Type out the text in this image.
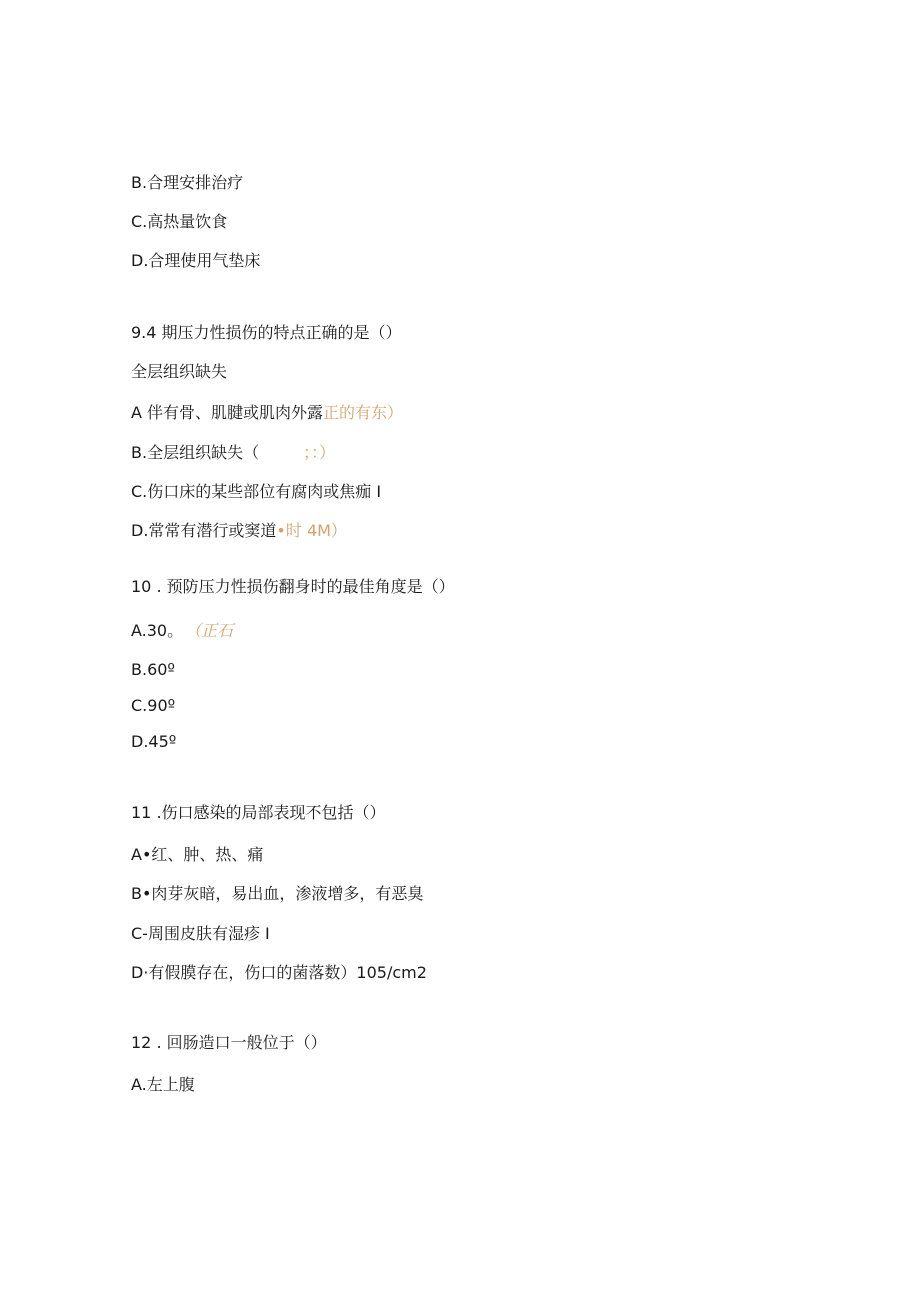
B.合理安排治疗
C.高热量饮食
D.合理使用气垫床
9.4 期压力性损伤的特点正确的是（）
全层组织缺失
A 伴有骨、肌腱或肌肉外露正的有东）
B.全层组织缺失（	；：）
C.伤口床的某些部位有腐肉或焦痂 I
D.常常有潜行或窦道•时 4M）
10 . 预防压力性损伤翻身时的最佳角度是（）
A.30。 （正石
B.60º
C.90º
D.45º
11 .伤口感染的局部表现不包括（）
A•红、肿、热、痛
B•肉芽灰暗，易出血，渗液增多，有恶臭
C-周围皮肤有湿疹 I
D·有假膜存在，伤口的菌落数）105∕cm2
12 . 回肠造口一般位于（）
A.左上腹
